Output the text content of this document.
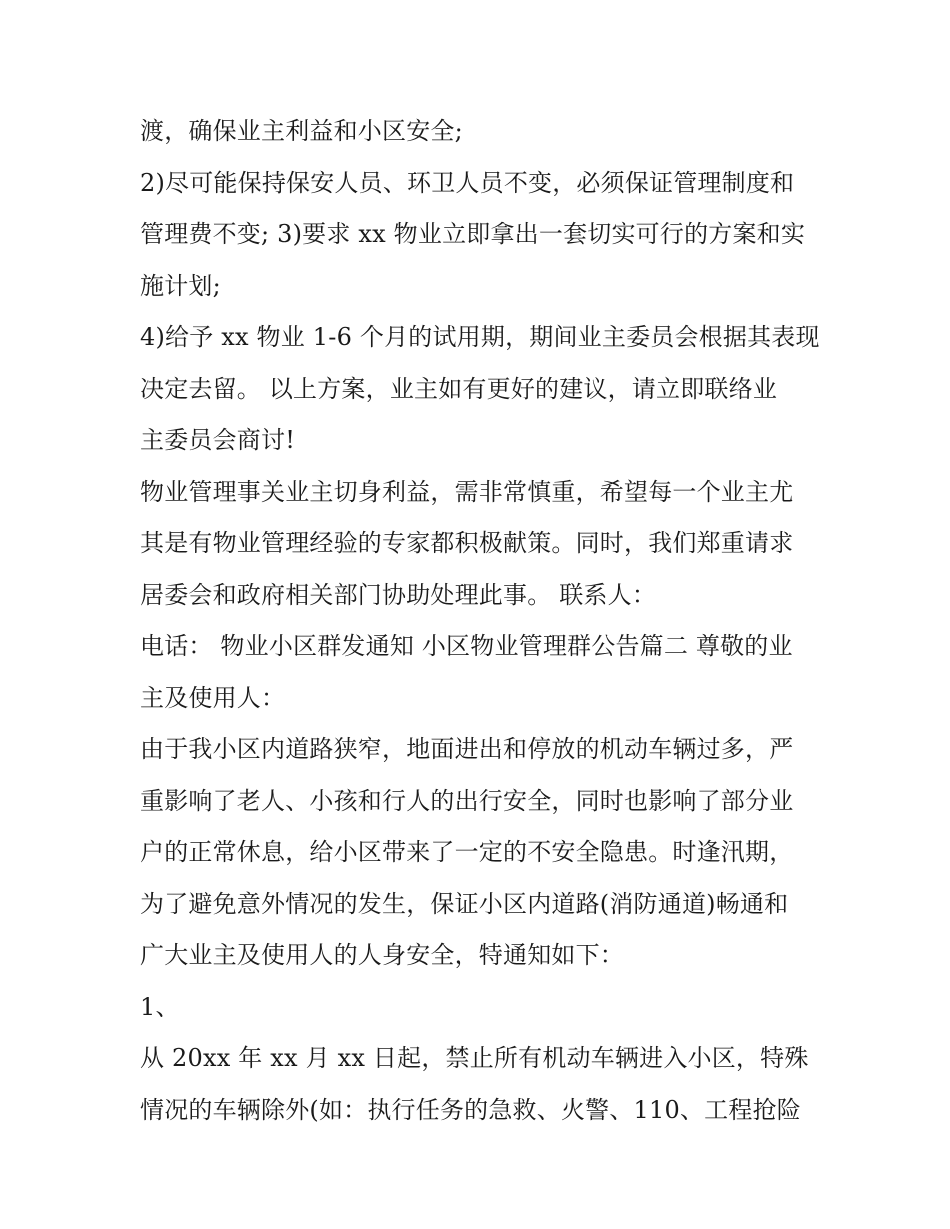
渡，确保业主利益和小区安全;
2)尽可能保持保安人员、环卫人员不变，必须保证管理制度和
管理费不变; 3)要求 xx 物业立即拿出一套切实可行的方案和实
施计划;
4)给予 xx 物业 1-6 个月的试用期，期间业主委员会根据其表现
决定去留。 以上方案，业主如有更好的建议，请立即联络业
主委员会商讨!
物业管理事关业主切身利益，需非常慎重，希望每一个业主尤
其是有物业管理经验的专家都积极献策。同时，我们郑重请求
居委会和政府相关部门协助处理此事。 联系人：
电话： 物业小区群发通知 小区物业管理群公告篇二 尊敬的业
主及使用人：
由于我小区内道路狭窄，地面进出和停放的机动车辆过多，严
重影响了老人、小孩和行人的出行安全，同时也影响了部分业
户的正常休息，给小区带来了一定的不安全隐患。时逢汛期，
为了避免意外情况的发生，保证小区内道路(消防通道)畅通和
广大业主及使用人的人身安全，特通知如下：
1、
从 20xx 年 xx 月 xx 日起，禁止所有机动车辆进入小区，特殊
情况的车辆除外(如：执行任务的急救、火警、110、工程抢险
